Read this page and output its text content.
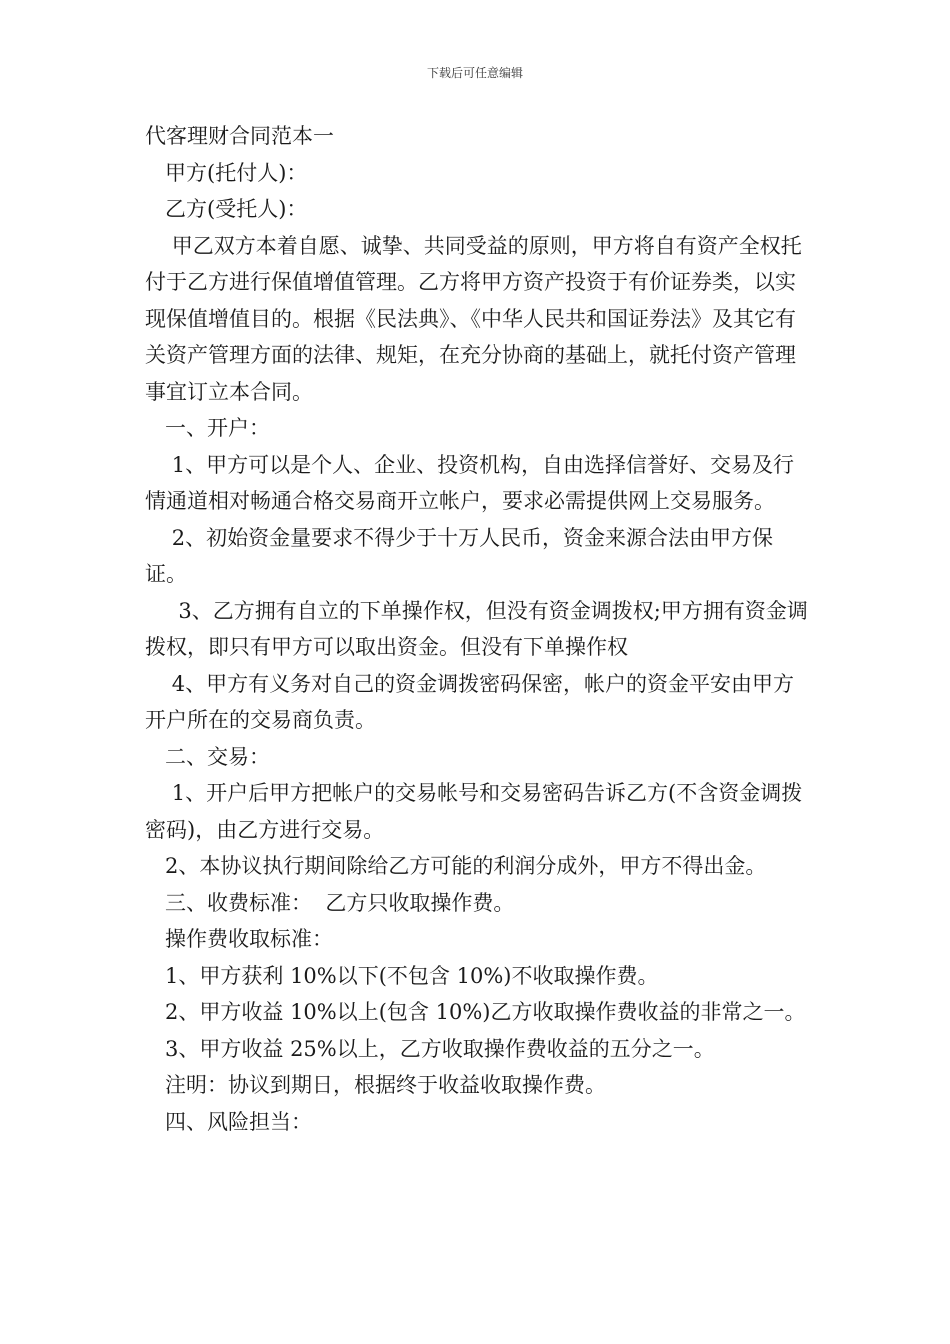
下载后可任意编辑

代客理财合同范本一

甲方(托付人)：

乙方(受托人)：

甲乙双方本着自愿、诚挚、共同受益的原则，甲方将自有资产全权托付于乙方进行保值增值管理。乙方将甲方资产投资于有价证券类，以实现保值增值目的。根据《民法典》、《中华人民共和国证券法》及其它有关资产管理方面的法律、规矩，在充分协商的基础上，就托付资产管理事宜订立本合同。

一、开户：

1、甲方可以是个人、企业、投资机构，自由选择信誉好、交易及行情通道相对畅通合格交易商开立帐户，要求必需提供网上交易服务。

2、初始资金量要求不得少于十万人民币，资金来源合法由甲方保证。

3、乙方拥有自立的下单操作权，但没有资金调拨权;甲方拥有资金调拨权，即只有甲方可以取出资金。但没有下单操作权

4、甲方有义务对自己的资金调拨密码保密，帐户的资金平安由甲方开户所在的交易商负责。

二、交易：

1、开户后甲方把帐户的交易帐号和交易密码告诉乙方(不含资金调拨密码)，由乙方进行交易。

2、本协议执行期间除给乙方可能的利润分成外，甲方不得出金。

三、收费标准：  乙方只收取操作费。

操作费收取标准：

1、甲方获利 10%以下(不包含 10%)不收取操作费。

2、甲方收益 10%以上(包含 10%)乙方收取操作费收益的非常之一。

3、甲方收益 25%以上，乙方收取操作费收益的五分之一。

注明：协议到期日，根据终于收益收取操作费。

四、风险担当：
